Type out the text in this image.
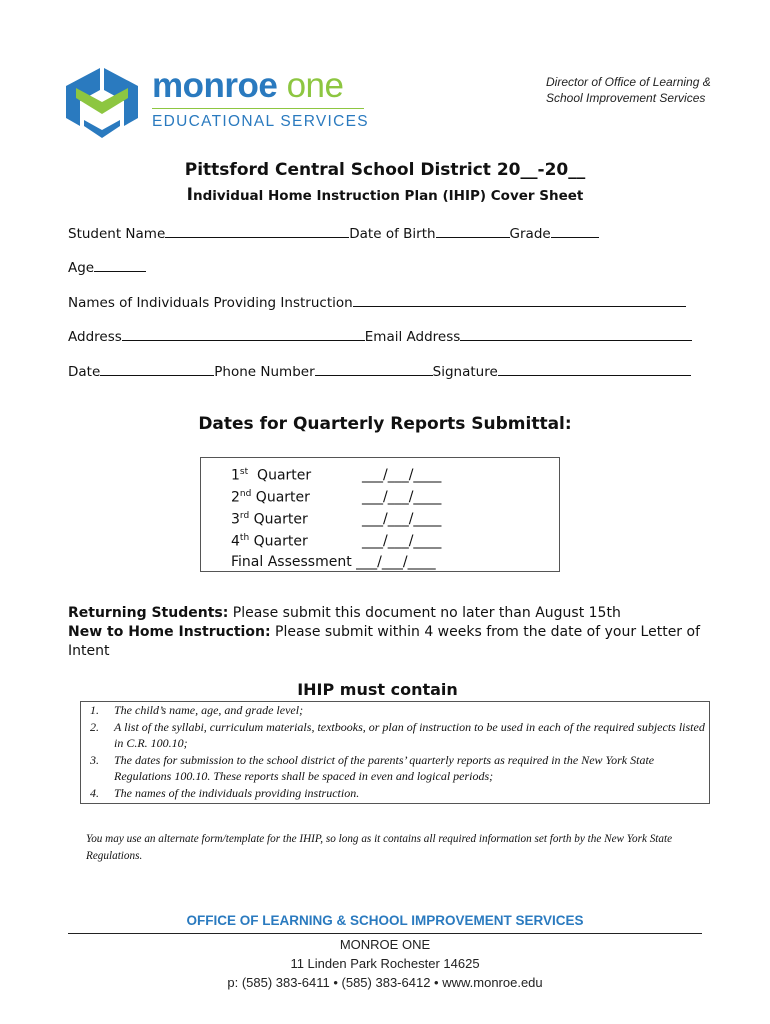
monroe one
EDUCATIONAL SERVICES
Director of Office of Learning &
School Improvement Services
Pittsford Central School District 20__-20__
Individual Home Instruction Plan (IHIP) Cover Sheet
Student Name	Date of Birth	Grade
Age
Names of Individuals Providing Instruction
Address	Email Address
Date	Phone Number	Signature
Dates for Quarterly Reports Submittal:
1st Quarter	___/___/____
2nd Quarter	___/___/____
3rd Quarter	___/___/____
4th Quarter	___/___/____
Final Assessment ___/___/____
Returning Students: Please submit this document no later than August 15th
New to Home Instruction: Please submit within 4 weeks from the date of your Letter of Intent
IHIP must contain
1. The child’s name, age, and grade level;
2. A list of the syllabi, curriculum materials, textbooks, or plan of instruction to be used in each of the required subjects listed in C.R. 100.10;
3. The dates for submission to the school district of the parents’ quarterly reports as required in the New York State Regulations 100.10. These reports shall be spaced in even and logical periods;
4. The names of the individuals providing instruction.
You may use an alternate form/template for the IHIP, so long as it contains all required information set forth by the New York State Regulations.
OFFICE OF LEARNING & SCHOOL IMPROVEMENT SERVICES
MONROE ONE
11 Linden Park Rochester 14625
p: (585) 383-6411 • (585) 383-6412 • www.monroe.edu
